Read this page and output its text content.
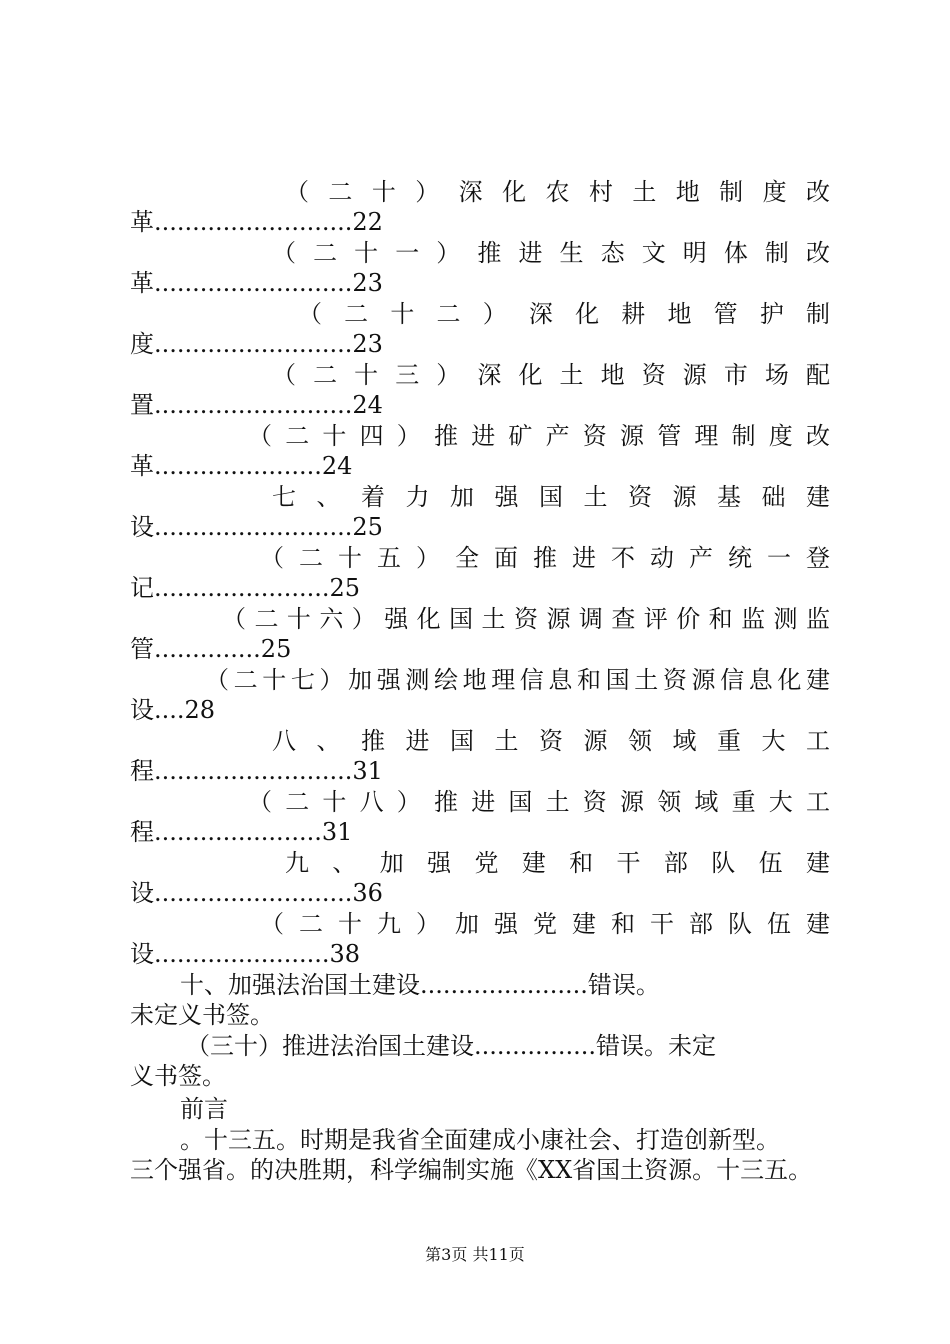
（二十）深化农村土地制度改
革..........................22
（二十一）推进生态文明体制改
革..........................23
（二十二）深化耕地管护制
度..........................23
（二十三）深化土地资源市场配
置..........................24
（二十四）推进矿产资源管理制度改
革......................24
七、着力加强国土资源基础建
设..........................25
（二十五）全面推进不动产统一登
记.......................25
（二十六）强化国土资源调查评价和监测监
管..............25
（二十七）加强测绘地理信息和国土资源信息化建
设....28
八、推进国土资源领域重大工
程..........................31
（二十八）推进国土资源领域重大工
程......................31
九、加强党建和干部队伍建
设..........................36
（二十九）加强党建和干部队伍建
设.......................38
十、加强法治国土建设......................错误。
未定义书签。
（三十）推进法治国土建设................错误。未定
义书签。
前言
。十三五。时期是我省全面建成小康社会、打造创新型。
三个强省。的决胜期，科学编制实施《XX省国土资源。十三五。
第3页 共11页
